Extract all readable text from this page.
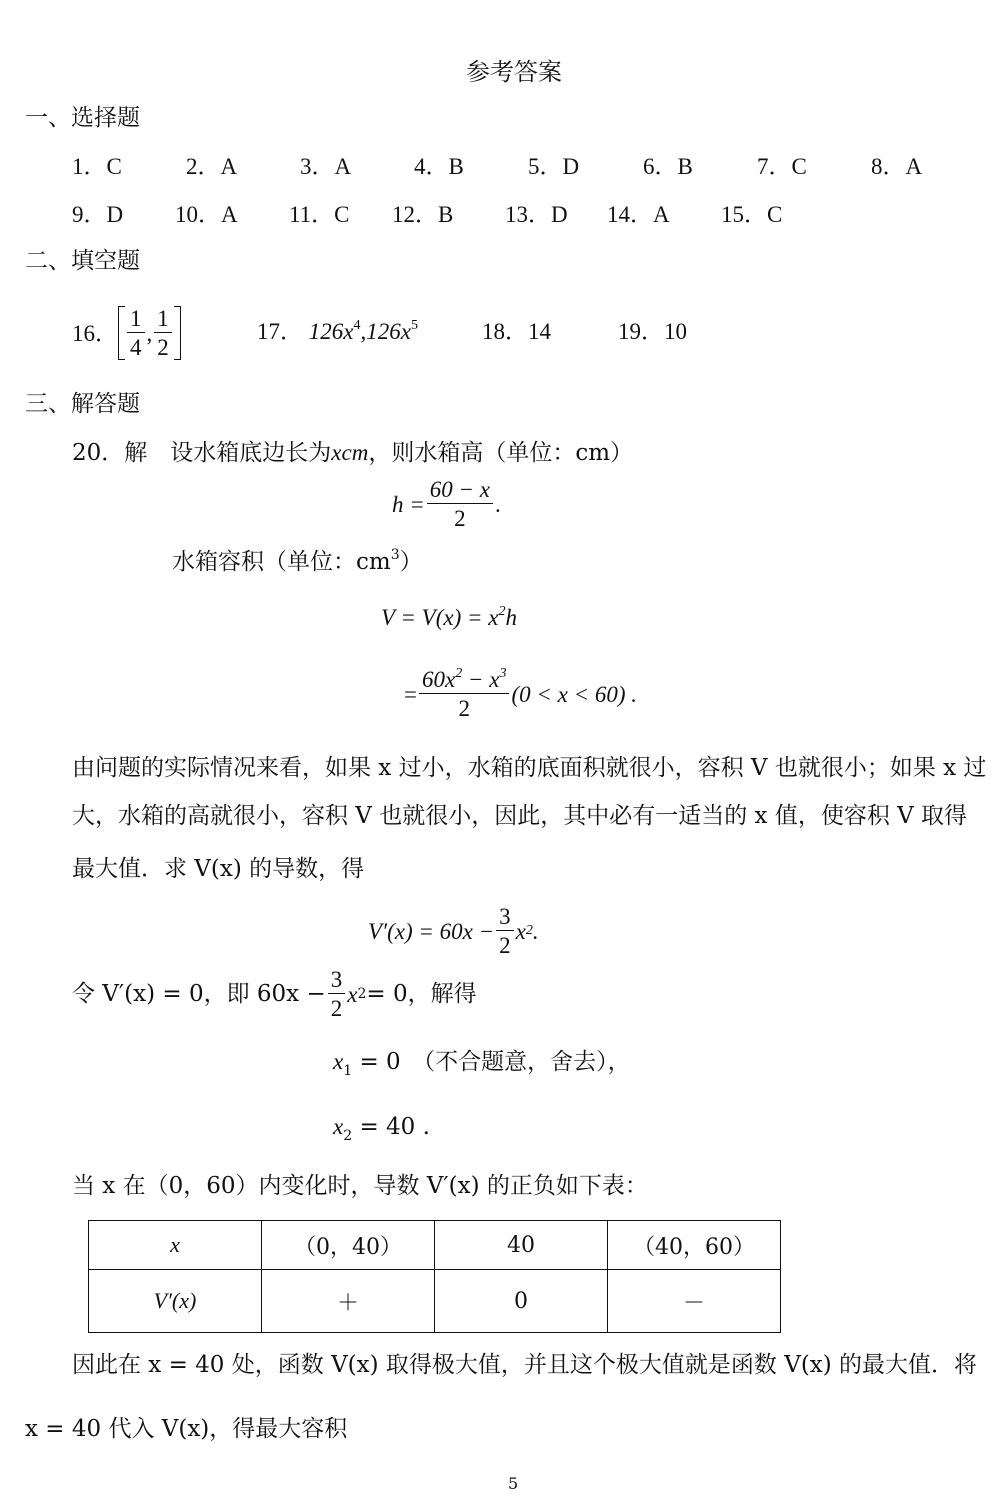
参考答案
一、选择题
1．C	2．A	3．A	4．B	5．D	6．B	7．C	8．A
9．D 10．A 11．C 12．B 13．D 14．A 15．C
二、填空题
16． $\frac{1}{4}$ , $\frac{1}{2}$	17． $126x^4,126x^5$	18．14	19．10
三、解答题
20．解　设水箱底边长为xcm，则水箱高（单位：cm）
$h = \frac{60 - x}{2}$ .
水箱容积（单位：$cm^3$）
$V = V(x) = x^2h$
= $\frac{60x^2 - x^3}{2} (0 < x < 60)$ .
由问题的实际情况来看，如果 x 过小，水箱的底面积就很小，容积 V 也就很小；如果 x 过
大，水箱的高就很小，容积 V 也就很小，因此，其中必有一适当的 x 值，使容积 V 取得
最大值．求 V(x) 的导数，得
$V'(x) = 60x - \frac{3}{2}$ x 2 .
令 V′(x) = 0，即 $60x - \frac{3}{2}$ x 2 = 0，解得
$x_1 = 0$　（不合题意，舍去），
$x_2 = 40$ .
当 x 在（0，60）内变化时，导数 V′(x) 的正负如下表：
x	（0，40）	40	（40，60）
V′(x)	＋	0	－
因此在 x = 40 处，函数 V(x) 取得极大值，并且这个极大值就是函数 V(x) 的最大值．将
x = 40 代入 V(x)，得最大容积
5
